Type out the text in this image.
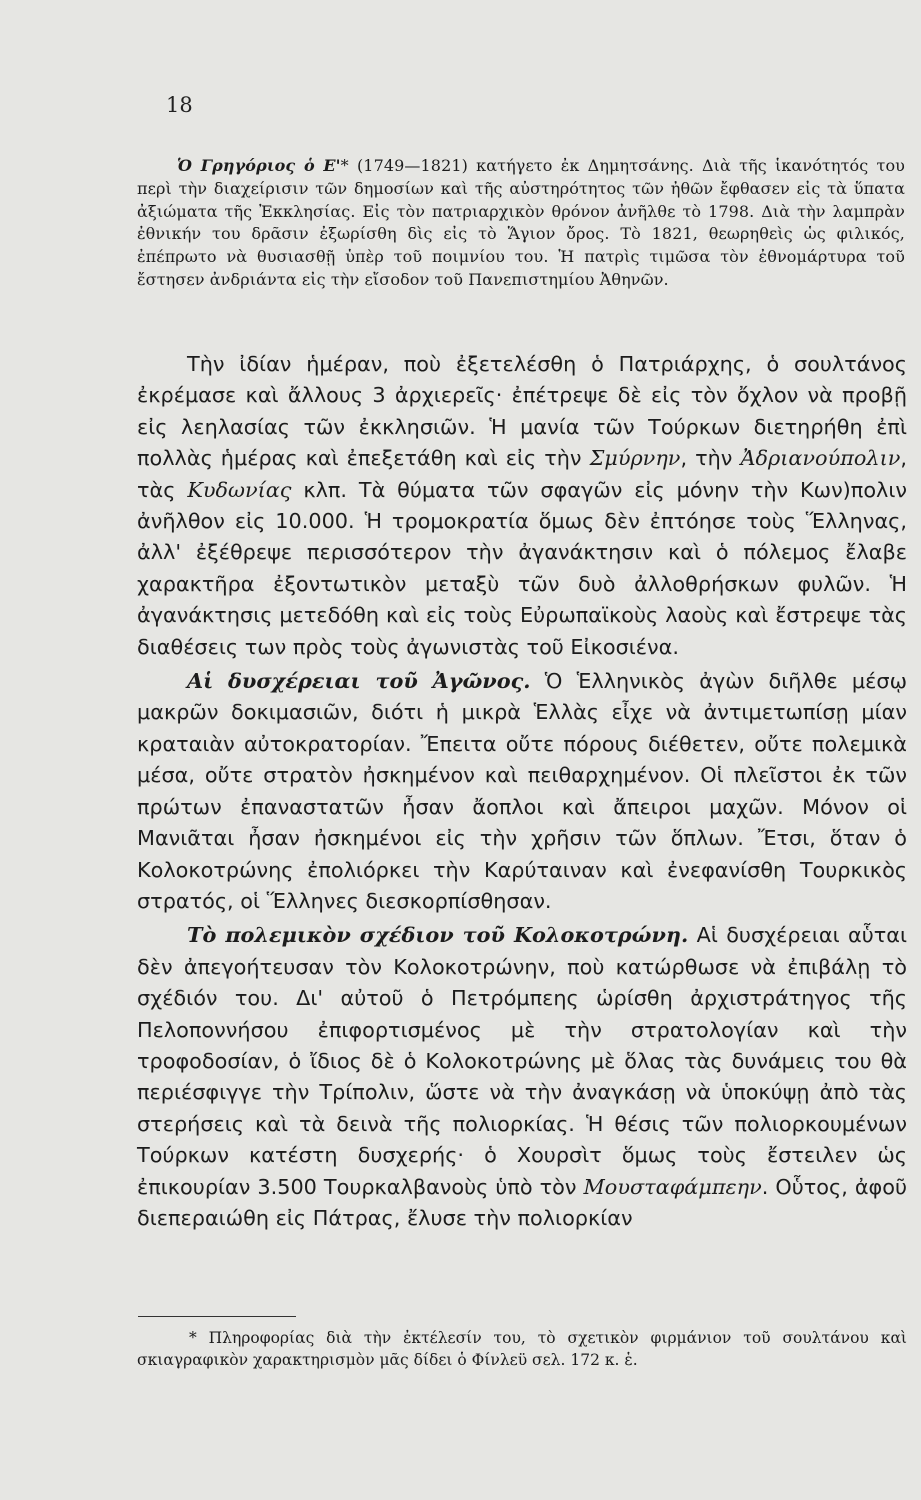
18

Ὁ Γρηγόριος ὁ Ε'* (1749—1821) κατήγετο ἐκ Δημητσάνης. Διὰ τῆς ἱκανότητός του περὶ τὴν διαχείρισιν τῶν δημοσίων καὶ τῆς αὐστηρότητος τῶν ἠθῶν ἔφθασεν εἰς τὰ ὕπατα ἀξιώματα τῆς Ἐκκλησίας. Εἰς τὸν πατριαρχικὸν θρόνον ἀνῆλθε τὸ 1798. Διὰ τὴν λαμπρὰν ἐθνικήν του δρᾶσιν ἐξωρίσθη δὶς εἰς τὸ Ἅγιον ὄρος. Τὸ 1821, θεωρηθεὶς ὡς φιλικός, ἐπέπρωτο νὰ θυσιασθῇ ὑπὲρ τοῦ ποιμνίου του. Ἡ πατρὶς τιμῶσα τὸν ἐθνομάρτυρα τοῦ ἔστησεν ἀνδριάντα εἰς τὴν εἴσοδον τοῦ Πανεπιστημίου Ἀθηνῶν.

Τὴν ἰδίαν ἡμέραν, ποὺ ἐξετελέσθη ὁ Πατριάρχης, ὁ σουλτάνος ἐκρέμασε καὶ ἄλλους 3 ἀρχιερεῖς· ἐπέτρεψε δὲ εἰς τὸν ὄχλον νὰ προβῇ εἰς λεηλασίας τῶν ἐκκλησιῶν. Ἡ μανία τῶν Τούρκων διετηρήθη ἐπὶ πολλὰς ἡμέρας καὶ ἐπεξετάθη καὶ εἰς τὴν Σμύρνην, τὴν Ἀδριανούπολιν, τὰς Κυδωνίας κλπ. Τὰ θύματα τῶν σφαγῶν εἰς μόνην τὴν Κων)πολιν ἀνῆλθον εἰς 10.000. Ἡ τρομοκρατία ὅμως δὲν ἐπτόησε τοὺς Ἕλληνας, ἀλλ' ἐξέθρεψε περισσότερον τὴν ἀγανάκτησιν καὶ ὁ πόλεμος ἔλαβε χαρακτῆρα ἐξοντωτικὸν μεταξὺ τῶν δυὸ ἀλλοθρήσκων φυλῶν. Ἡ ἀγανάκτησις μετεδόθη καὶ εἰς τοὺς Εὐρωπαϊκοὺς λαοὺς καὶ ἔστρεψε τὰς διαθέσεις των πρὸς τοὺς ἀγωνιστὰς τοῦ Εἰκοσιένα.

Αἱ δυσχέρειαι τοῦ Ἀγῶνος. Ὁ Ἑλληνικὸς ἀγὼν διῆλθε μέσῳ μακρῶν δοκιμασιῶν, διότι ἡ μικρὰ Ἑλλὰς εἶχε νὰ ἀντιμετωπίσῃ μίαν κραταιὰν αὐτοκρατορίαν. Ἔπειτα οὔτε πόρους διέθετεν, οὔτε πολεμικὰ μέσα, οὔτε στρατὸν ἠσκημένον καὶ πειθαρχημένον. Οἱ πλεῖστοι ἐκ τῶν πρώτων ἐπαναστατῶν ἦσαν ἄοπλοι καὶ ἄπειροι μαχῶν. Μόνον οἱ Μανιᾶται ἦσαν ἠσκημένοι εἰς τὴν χρῆσιν τῶν ὅπλων. Ἔτσι, ὅταν ὁ Κολοκοτρώνης ἐπολιόρκει τὴν Καρύταιναν καὶ ἐνεφανίσθη Τουρκικὸς στρατός, οἱ Ἕλληνες διεσκορπίσθησαν.

Τὸ πολεμικὸν σχέδιον τοῦ Κολοκοτρώνη. Αἱ δυσχέρειαι αὗται δὲν ἀπεγοήτευσαν τὸν Κολοκοτρώνην, ποὺ κατώρθωσε νὰ ἐπιβάλῃ τὸ σχέδιόν του. Δι' αὐτοῦ ὁ Πετρόμπεης ὡρίσθη ἀρχιστράτηγος τῆς Πελοποννήσου ἐπιφορτισμένος μὲ τὴν στρατολογίαν καὶ τὴν τροφοδοσίαν, ὁ ἴδιος δὲ ὁ Κολοκοτρώνης μὲ ὅλας τὰς δυνάμεις του θὰ περιέσφιγγε τὴν Τρίπολιν, ὥστε νὰ τὴν ἀναγκάσῃ νὰ ὑποκύψῃ ἀπὸ τὰς στερήσεις καὶ τὰ δεινὰ τῆς πολιορκίας. Ἡ θέσις τῶν πολιορκουμένων Τούρκων κατέστη δυσχερής· ὁ Χουρσὶτ ὅμως τοὺς ἔστειλεν ὡς ἐπικουρίαν 3.500 Τουρκαλβανοὺς ὑπὸ τὸν Μουσταφάμπεην. Οὗτος, ἀφοῦ διεπεραιώθη εἰς Πάτρας, ἔλυσε τὴν πολιορκίαν

* Πληροφορίας διὰ τὴν ἐκτέλεσίν του, τὸ σχετικὸν φιρμάνιον τοῦ σουλτάνου καὶ σκιαγραφικὸν χαρακτηρισμὸν μᾶς δίδει ὁ Φίνλεϋ σελ. 172 κ. ἑ.
